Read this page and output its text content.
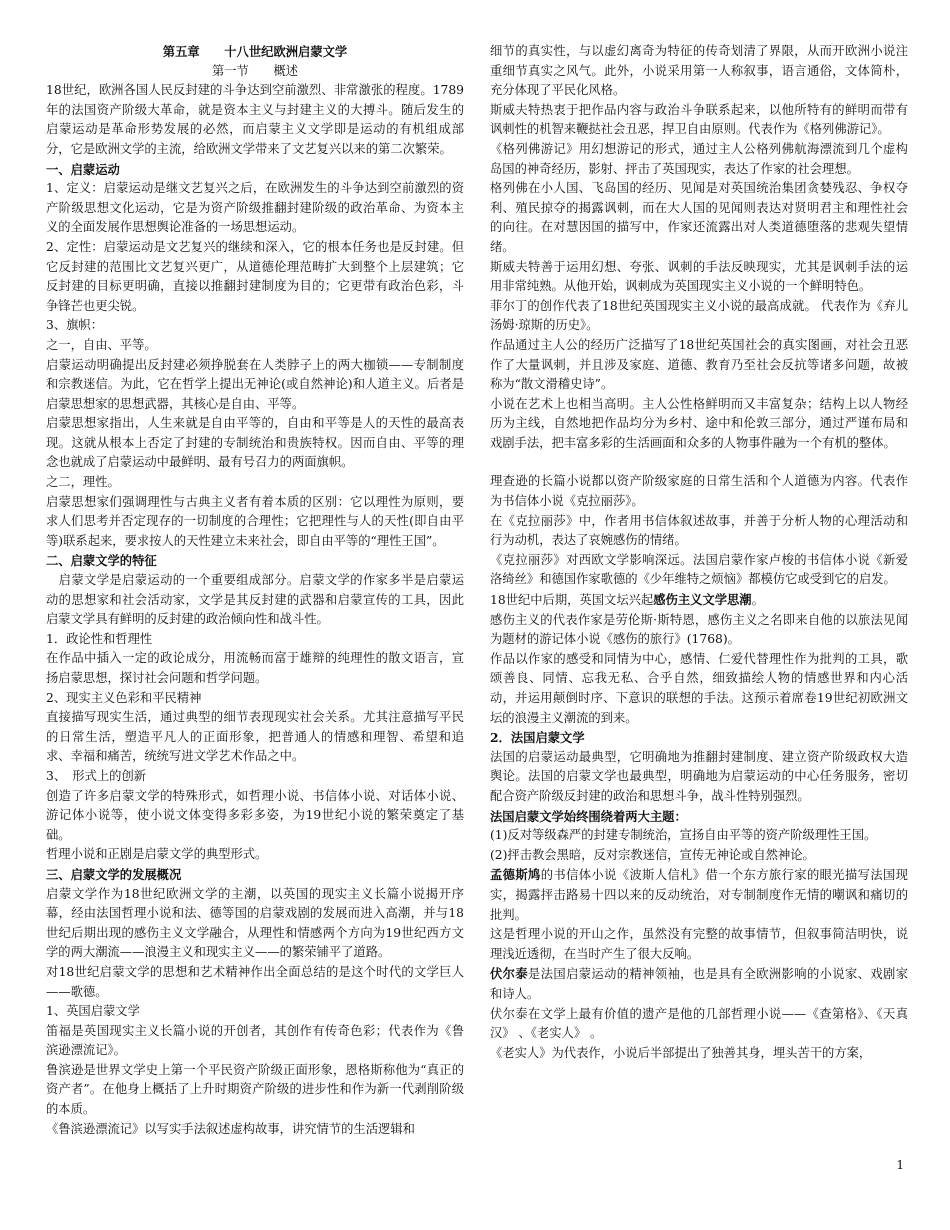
第五章　　十八世纪欧洲启蒙文学

第一节　　概述

18世纪，欧洲各国人民反封建的斗争达到空前激烈、非常激张的程度。1789年的法国资产阶级大革命，就是资本主义与封建主义的大搏斗。随后发生的启蒙运动是革命形势发展的必然，而启蒙主义文学即是运动的有机组成部分，它是欧洲文学的主流，给欧洲文学带来了文艺复兴以来的第二次繁荣。

一、启蒙运动

1、定义：启蒙运动是继文艺复兴之后，在欧洲发生的斗争达到空前激烈的资产阶级思想文化运动，它是为资产阶级推翻封建阶级的政治革命、为资本主义的全面发展作思想舆论准备的一场思想运动。

2、定性：启蒙运动是文艺复兴的继续和深入，它的根本任务也是反封建。但它反封建的范围比文艺复兴更广，从道德伦理范畴扩大到整个上层建筑；它反封建的目标更明确，直接以推翻封建制度为目的；它更带有政治色彩，斗争锋芒也更尖锐。

3、旗帜：

之一，自由、平等。

启蒙运动明确提出反封建必须挣脱套在人类脖子上的两大枷锁——专制制度和宗教迷信。为此，它在哲学上提出无神论(或自然神论)和人道主义。后者是启蒙思想家的思想武器，其核心是自由、平等。

启蒙思想家指出，人生来就是自由平等的，自由和平等是人的天性的最高表现。这就从根本上否定了封建的专制统治和贵族特权。因而自由、平等的理念也就成了启蒙运动中最鲜明、最有号召力的两面旗帜。

之二，理性。

启蒙思想家们强调理性与古典主义者有着本质的区别：它以理性为原则，要求人们思考并否定现存的一切制度的合理性；它把理性与人的天性(即自由平等)联系起来，要求按人的天性建立未来社会，即自由平等的“理性王国”。

二、启蒙文学的特征

　启蒙文学是启蒙运动的一个重要组成部分。启蒙文学的作家多半是启蒙运动的思想家和社会活动家，文学是其反封建的武器和启蒙宣传的工具，因此启蒙文学具有鲜明的反封建的政治倾向性和战斗性。

1．政论性和哲理性

在作品中插入一定的政论成分，用流畅而富于雄辩的纯理性的散文语言，宣扬启蒙思想，探讨社会问题和哲学问题。

2、现实主义色彩和平民精神

直接描写现实生活，通过典型的细节表现现实社会关系。尤其注意描写平民的日常生活，塑造平凡人的正面形象，把普通人的情感和理智、希望和追求、幸福和痛苦，统统写进文学艺术作品之中。

3、　形式上的创新

创造了许多启蒙文学的特殊形式，如哲理小说、书信体小说、对话体小说、游记体小说等，使小说文体变得多彩多姿，为19世纪小说的繁荣奠定了基础。

哲理小说和正剧是启蒙文学的典型形式。

三、启蒙文学的发展概况

启蒙文学作为18世纪欧洲文学的主潮，以英国的现实主义长篇小说揭开序幕，经由法国哲理小说和法、德等国的启蒙戏剧的发展而进入高潮，并与18世纪后期出现的感伤主义文学融合，从理性和情感两个方向为19世纪西方文学的两大潮流——浪漫主义和现实主义——的繁荣铺平了道路。

对18世纪启蒙文学的思想和艺术精神作出全面总结的是这个时代的文学巨人——歌德。

1、英国启蒙文学

笛福是英国现实主义长篇小说的开创者，其创作有传奇色彩；代表作为《鲁滨逊漂流记》。

鲁滨逊是世界文学史上第一个平民资产阶级正面形象，恩格斯称他为“真正的资产者”。在他身上概括了上升时期资产阶级的进步性和作为新一代剥削阶级的本质。

《鲁滨逊漂流记》以写实手法叙述虚构故事，讲究情节的生活逻辑和

细节的真实性，与以虚幻离奇为特征的传奇划清了界限，从而开欧洲小说注重细节真实之风气。此外，小说采用第一人称叙事，语言通俗，文体简朴，充分体现了平民化风格。

斯威夫特热衷于把作品内容与政治斗争联系起来，以他所特有的鲜明而带有讽刺性的机智来鞭挞社会丑恶，捍卫自由原则。代表作为《格列佛游记》。

《格列佛游记》用幻想游记的形式，通过主人公格列佛航海漂流到几个虚构岛国的神奇经历，影射、抨击了英国现实，表达了作家的社会理想。

格列佛在小人国、飞岛国的经历、见闻是对英国统治集团贪婪残忍、争权夺利、殖民掠夺的揭露讽刺，而在大人国的见闻则表达对贤明君主和理性社会的向往。在对慧因国的描写中，作家还流露出对人类道德堕落的悲观失望情绪。

斯威夫特善于运用幻想、夸张、讽刺的手法反映现实，尤其是讽刺手法的运用非常纯熟。从他开始，讽刺成为英国现实主义小说的一个鲜明特色。

菲尔丁的创作代表了18世纪英国现实主义小说的最高成就。 代表作为《弃儿汤姆·琼斯的历史》。

作品通过主人公的经历广泛描写了18世纪英国社会的真实图画，对社会丑恶作了大量讽刺，并且涉及家庭、道德、教育乃至社会反抗等诸多问题，故被称为“散文滑稽史诗”。

小说在艺术上也相当高明。主人公性格鲜明而又丰富复杂；结构上以人物经历为主线，自然地把作品均分为乡村、途中和伦敦三部分，通过严谨布局和戏剧手法，把丰富多彩的生活画面和众多的人物事件融为一个有机的整体。

理查逊的长篇小说都以资产阶级家庭的日常生活和个人道德为内容。代表作为书信体小说《克拉丽莎》。

在《克拉丽莎》中，作者用书信体叙述故事，并善于分析人物的心理活动和行为动机，表达了哀婉感伤的情绪。

《克拉丽莎》对西欧文学影响深远。法国启蒙作家卢梭的书信体小说《新爱洛绮丝》和德国作家歌德的《少年维特之烦恼》都模仿它或受到它的启发。

18世纪中后期，英国文坛兴起感伤主义文学思潮。

感伤主义的代表作家是劳伦斯·斯特恩，感伤主义之名即来自他的以旅法见闻为题材的游记体小说《感伤的旅行》(1768)。

作品以作家的感受和同情为中心，感情、仁爱代替理性作为批判的工具，歌颂善良、同情、忘我无私、合乎自然，细致描绘人物的情感世界和内心活动，并运用颠倒时序、下意识的联想的手法。这预示着席卷19世纪初欧洲文坛的浪漫主义潮流的到来。

2．法国启蒙文学

法国的启蒙运动最典型，它明确地为推翻封建制度、建立资产阶级政权大造舆论。法国的启蒙文学也最典型，明确地为启蒙运动的中心任务服务，密切配合资产阶级反封建的政治和思想斗争，战斗性特别强烈。

法国启蒙文学始终围绕着两大主题：

(1)反对等级森严的封建专制统治，宣扬自由平等的资产阶级理性王国。

(2)抨击教会黑暗，反对宗教迷信，宣传无神论或自然神论。

孟德斯鸠的书信体小说《波斯人信札》借一个东方旅行家的眼光描写法国现实，揭露抨击路易十四以来的反动统治，对专制制度作无情的嘲讽和痛切的批判。

这是哲理小说的开山之作，虽然没有完整的故事情节，但叙事简洁明快，说理浅近透彻，在当时产生了很大反响。

伏尔泰是法国启蒙运动的精神领袖，也是具有全欧洲影响的小说家、戏剧家和诗人。

伏尔泰在文学上最有价值的遗产是他的几部哲理小说——《查第格》、《天真汉》 、《老实人》 。

《老实人》为代表作，小说后半部提出了独善其身，埋头苦干的方案，

1
